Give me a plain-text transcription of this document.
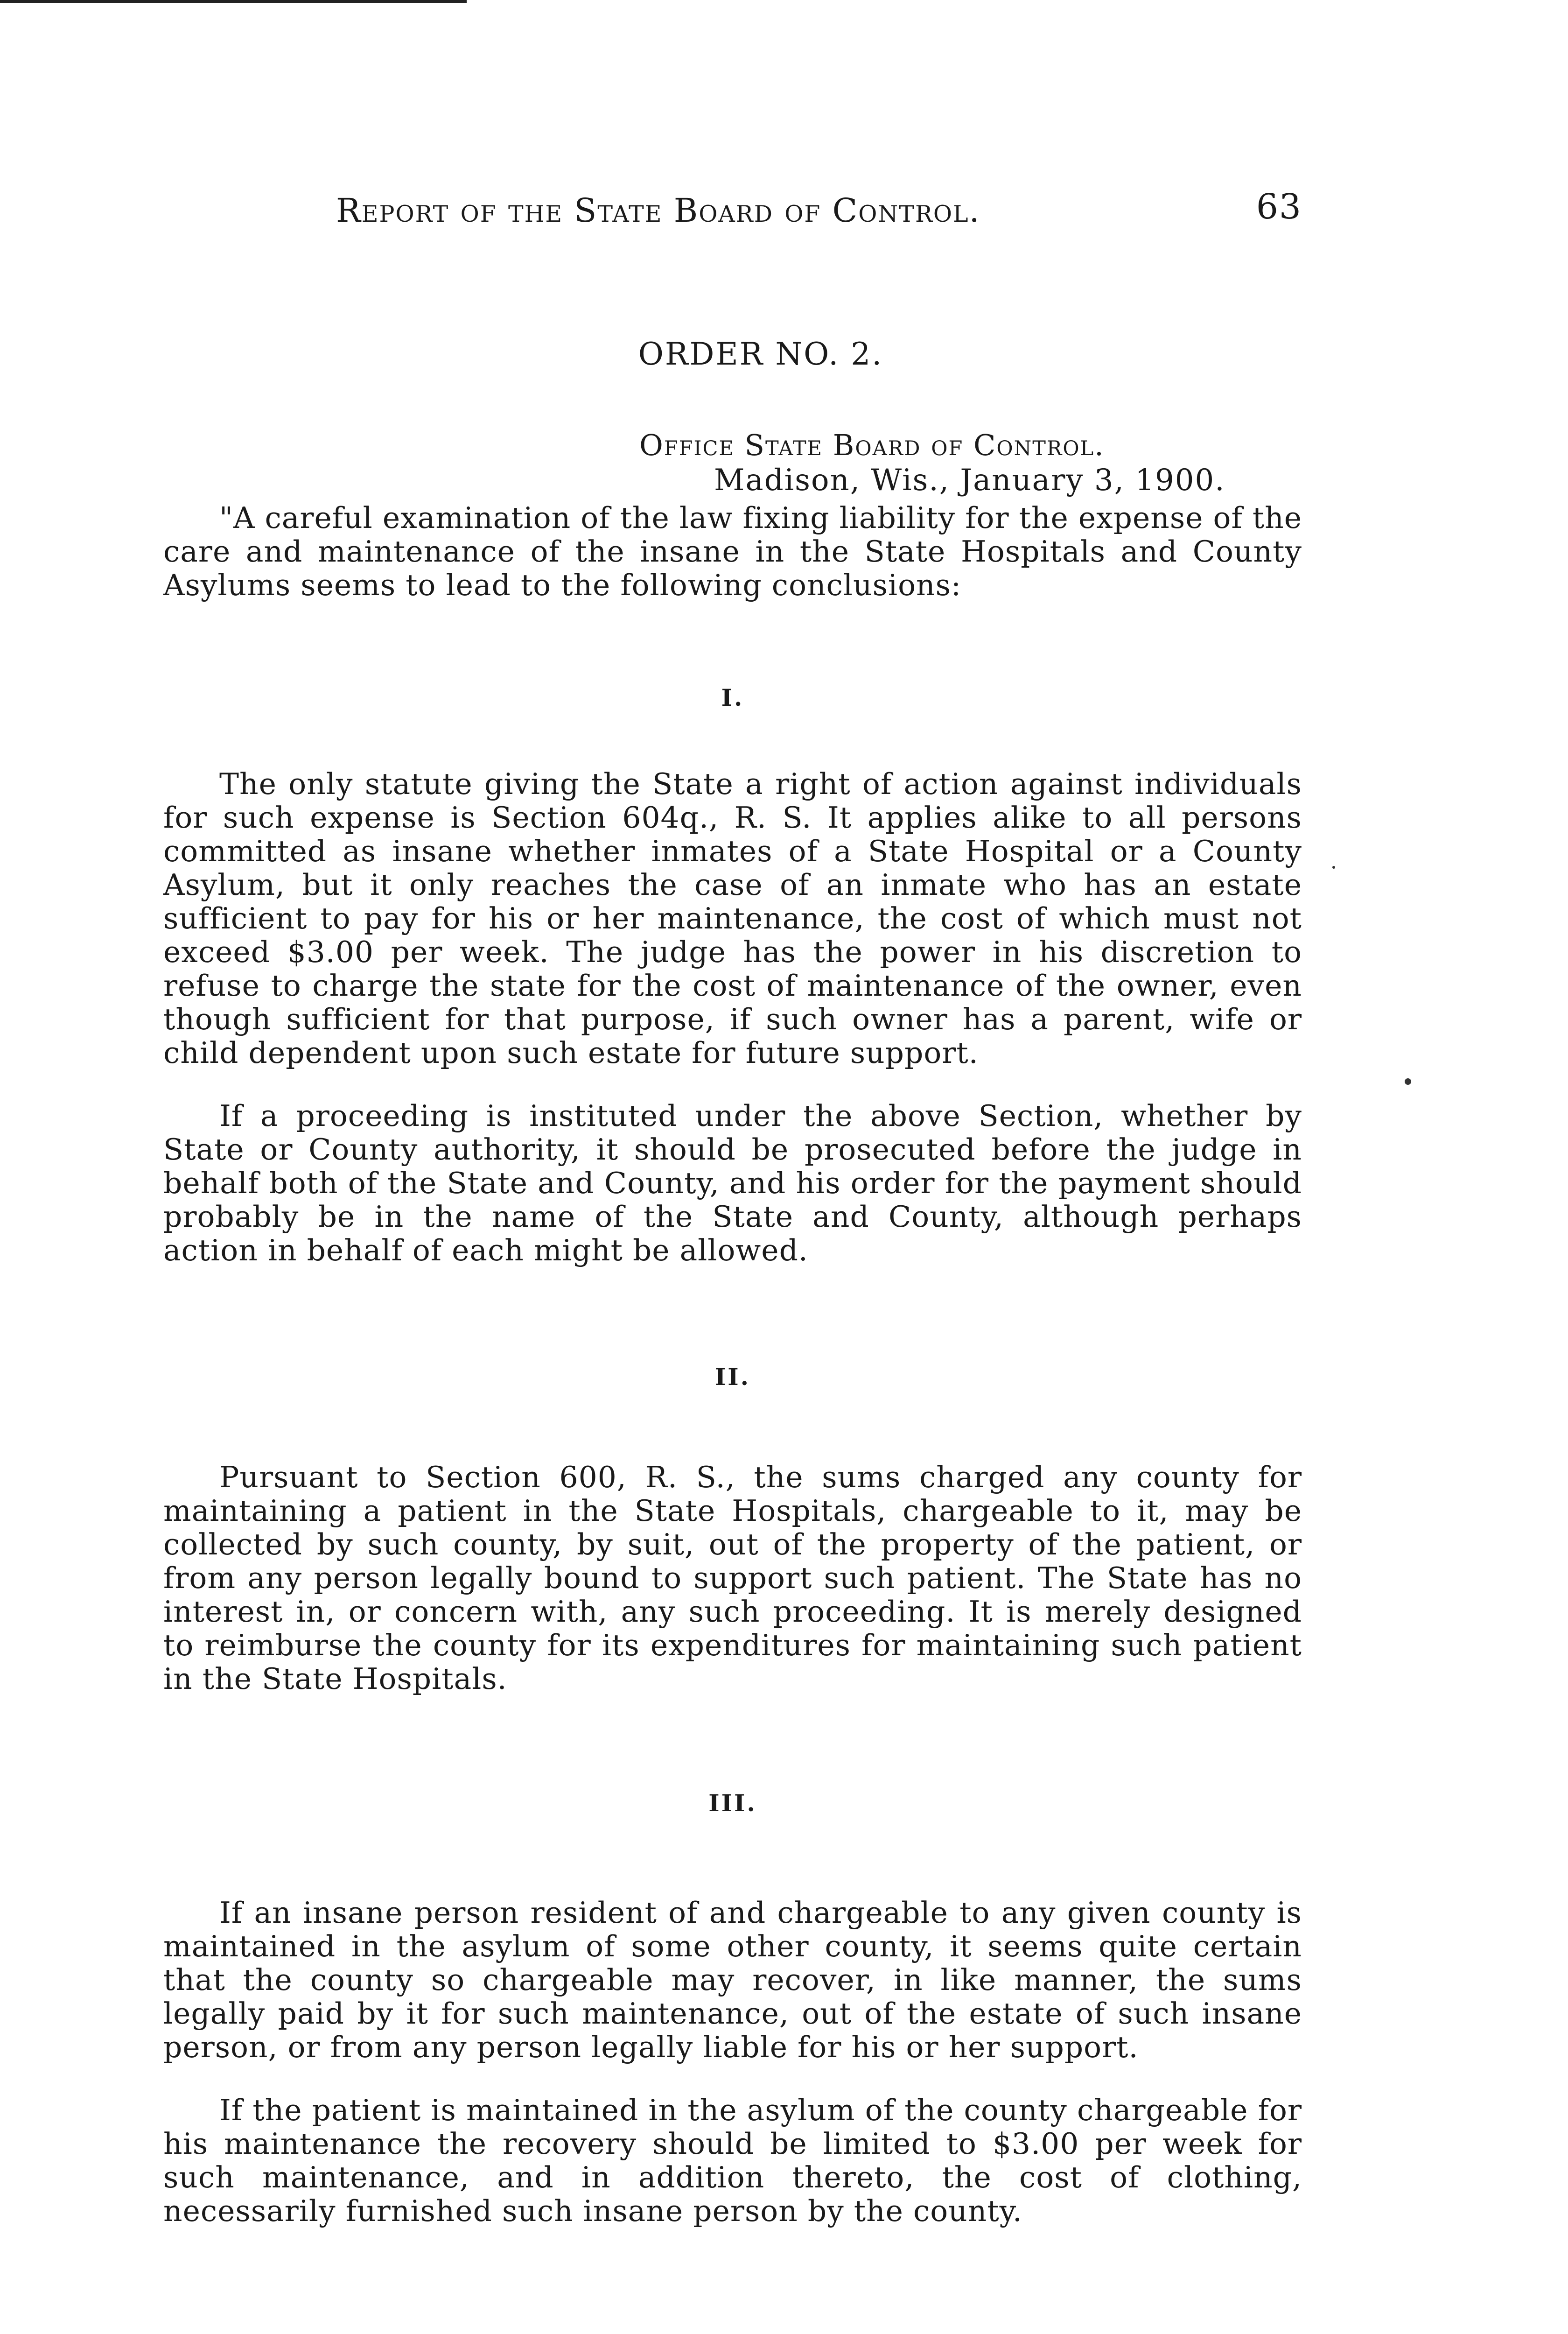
Report of the State Board of Control.	63
ORDER NO. 2.
Office State Board of Control.
Madison, Wis., January 3, 1900.

"A careful examination of the law fixing liability for the expense of the care and maintenance of the insane in the State Hospitals and County Asylums seems to lead to the following conclusions:

I.

The only statute giving the State a right of action against individuals for such expense is Section 604q., R. S. It applies alike to all persons committed as insane whether inmates of a State Hospital or a County Asylum, but it only reaches the case of an inmate who has an estate sufficient to pay for his or her maintenance, the cost of which must not exceed $3.00 per week. The judge has the power in his discretion to refuse to charge the state for the cost of maintenance of the owner, even though sufficient for that purpose, if such owner has a parent, wife or child dependent upon such estate for future support.

If a proceeding is instituted under the above Section, whether by State or County authority, it should be prosecuted before the judge in behalf both of the State and County, and his order for the payment should probably be in the name of the State and County, although perhaps action in behalf of each might be allowed.

II.

Pursuant to Section 600, R. S., the sums charged any county for maintaining a patient in the State Hospitals, chargeable to it, may be collected by such county, by suit, out of the property of the patient, or from any person legally bound to support such patient. The State has no interest in, or concern with, any such proceeding. It is merely designed to reimburse the county for its expenditures for maintaining such patient in the State Hospitals.

III.

If an insane person resident of and chargeable to any given county is maintained in the asylum of some other county, it seems quite certain that the county so chargeable may recover, in like manner, the sums legally paid by it for such maintenance, out of the estate of such insane person, or from any person legally liable for his or her support.

If the patient is maintained in the asylum of the county chargeable for his maintenance the recovery should be limited to $3.00 per week for such maintenance, and in addition thereto, the cost of clothing, necessarily furnished such insane person by the county.
